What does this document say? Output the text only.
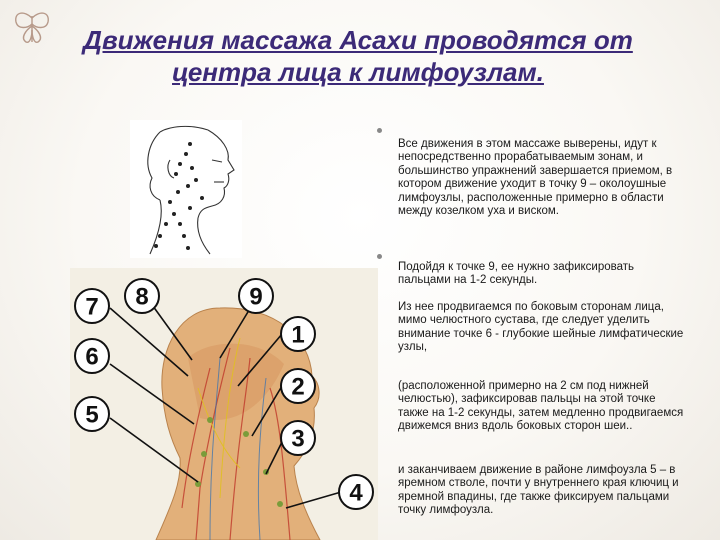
Движения массажа Асахи проводятся от
центра лица к лимфоузлам.
7 8	9
1
6
2
5
3
4
Все движения в этом массаже выверены, идут к непосредственно прорабатываемым зонам, и большинство упражнений завершается приемом, в котором движение уходит в точку 9 – околоушные лимфоузлы, расположенные примерно в области между козелком уха и виском.
Подойдя к точке 9, ее нужно зафиксировать пальцами на 1-2 секунды.
Из нее продвигаемся по боковым сторонам лица, мимо челюстного сустава, где следует уделить внимание точке 6 - глубокие шейные лимфатические узлы,
(расположенной примерно на 2 см под нижней челюстью), зафиксировав пальцы на этой точке также на 1-2 секунды, затем медленно продвигаемся движемся вниз вдоль боковых сторон шеи..
и заканчиваем движение в районе лимфоузла 5 – в яремном стволе, почти у внутреннего края ключиц и яремной впадины, где также фиксируем пальцами точку лимфоузла.
